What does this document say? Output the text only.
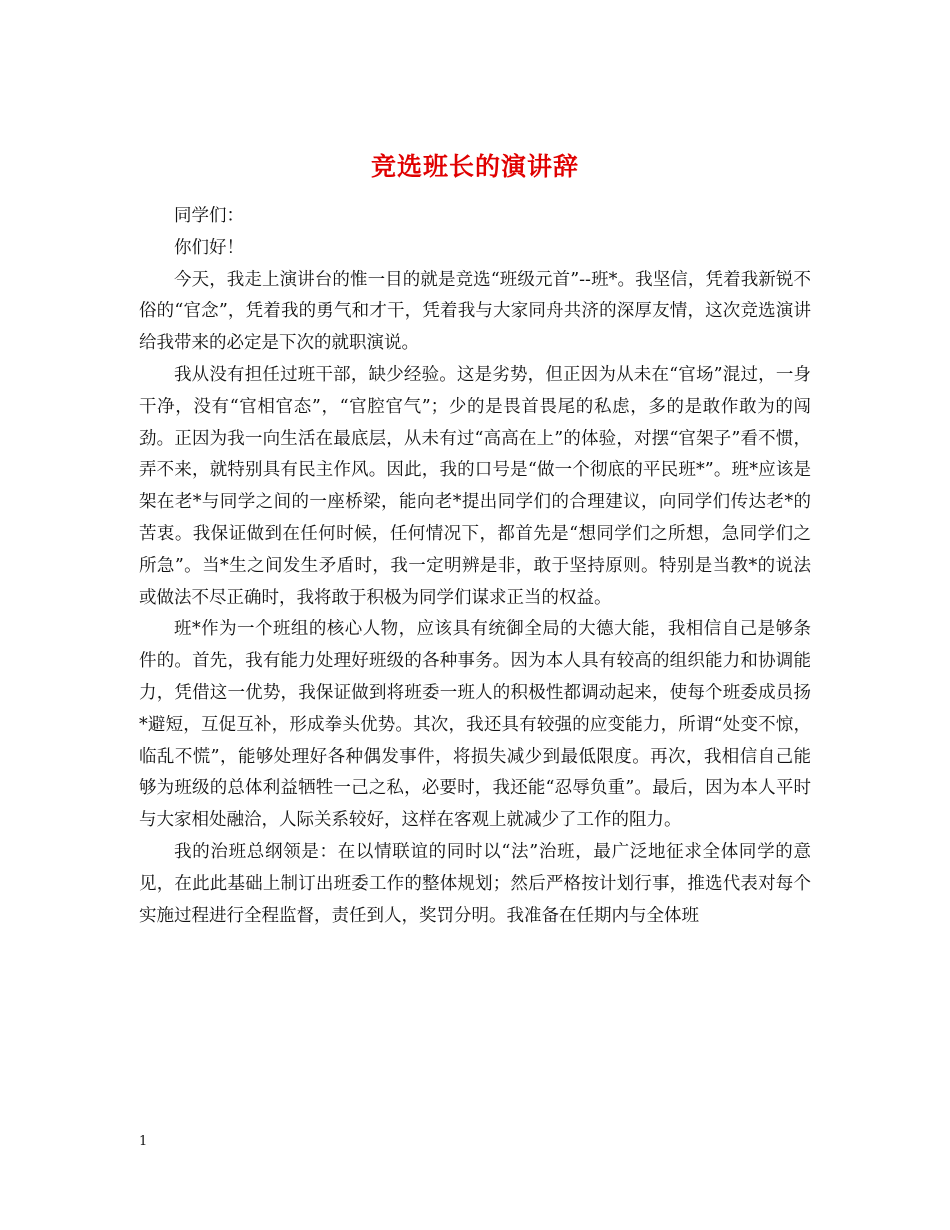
竞选班长的演讲辞

同学们：

你们好！

今天，我走上演讲台的惟一目的就是竞选“班级元首”--班*。我坚信，凭着我新锐不俗的“官念”，凭着我的勇气和才干，凭着我与大家同舟共济的深厚友情，这次竞选演讲给我带来的必定是下次的就职演说。

我从没有担任过班干部，缺少经验。这是劣势，但正因为从未在“官场”混过，一身干净，没有“官相官态”，“官腔官气”；少的是畏首畏尾的私虑，多的是敢作敢为的闯劲。正因为我一向生活在最底层，从未有过“高高在上”的体验，对摆“官架子”看不惯，弄不来，就特别具有民主作风。因此，我的口号是“做一个彻底的平民班*”。班*应该是架在老*与同学之间的一座桥梁，能向老*提出同学们的合理建议，向同学们传达老*的苦衷。我保证做到在任何时候，任何情况下，都首先是“想同学们之所想，急同学们之所急”。当*生之间发生矛盾时，我一定明辨是非，敢于坚持原则。特别是当教*的说法或做法不尽正确时，我将敢于积极为同学们谋求正当的权益。

班*作为一个班组的核心人物，应该具有统御全局的大德大能，我相信自己是够条件的。首先，我有能力处理好班级的各种事务。因为本人具有较高的组织能力和协调能力，凭借这一优势，我保证做到将班委一班人的积极性都调动起来，使每个班委成员扬*避短，互促互补，形成拳头优势。其次，我还具有较强的应变能力，所谓“处变不惊，临乱不慌”，能够处理好各种偶发事件，将损失减少到最低限度。再次，我相信自己能够为班级的总体利益牺牲一己之私，必要时，我还能“忍辱负重”。最后，因为本人平时与大家相处融洽，人际关系较好，这样在客观上就减少了工作的阻力。

我的治班总纲领是：在以情联谊的同时以“法”治班，最广泛地征求全体同学的意见，在此此基础上制订出班委工作的整体规划；然后严格按计划行事，推选代表对每个实施过程进行全程监督，责任到人，奖罚分明。我准备在任期内与全体班

1
